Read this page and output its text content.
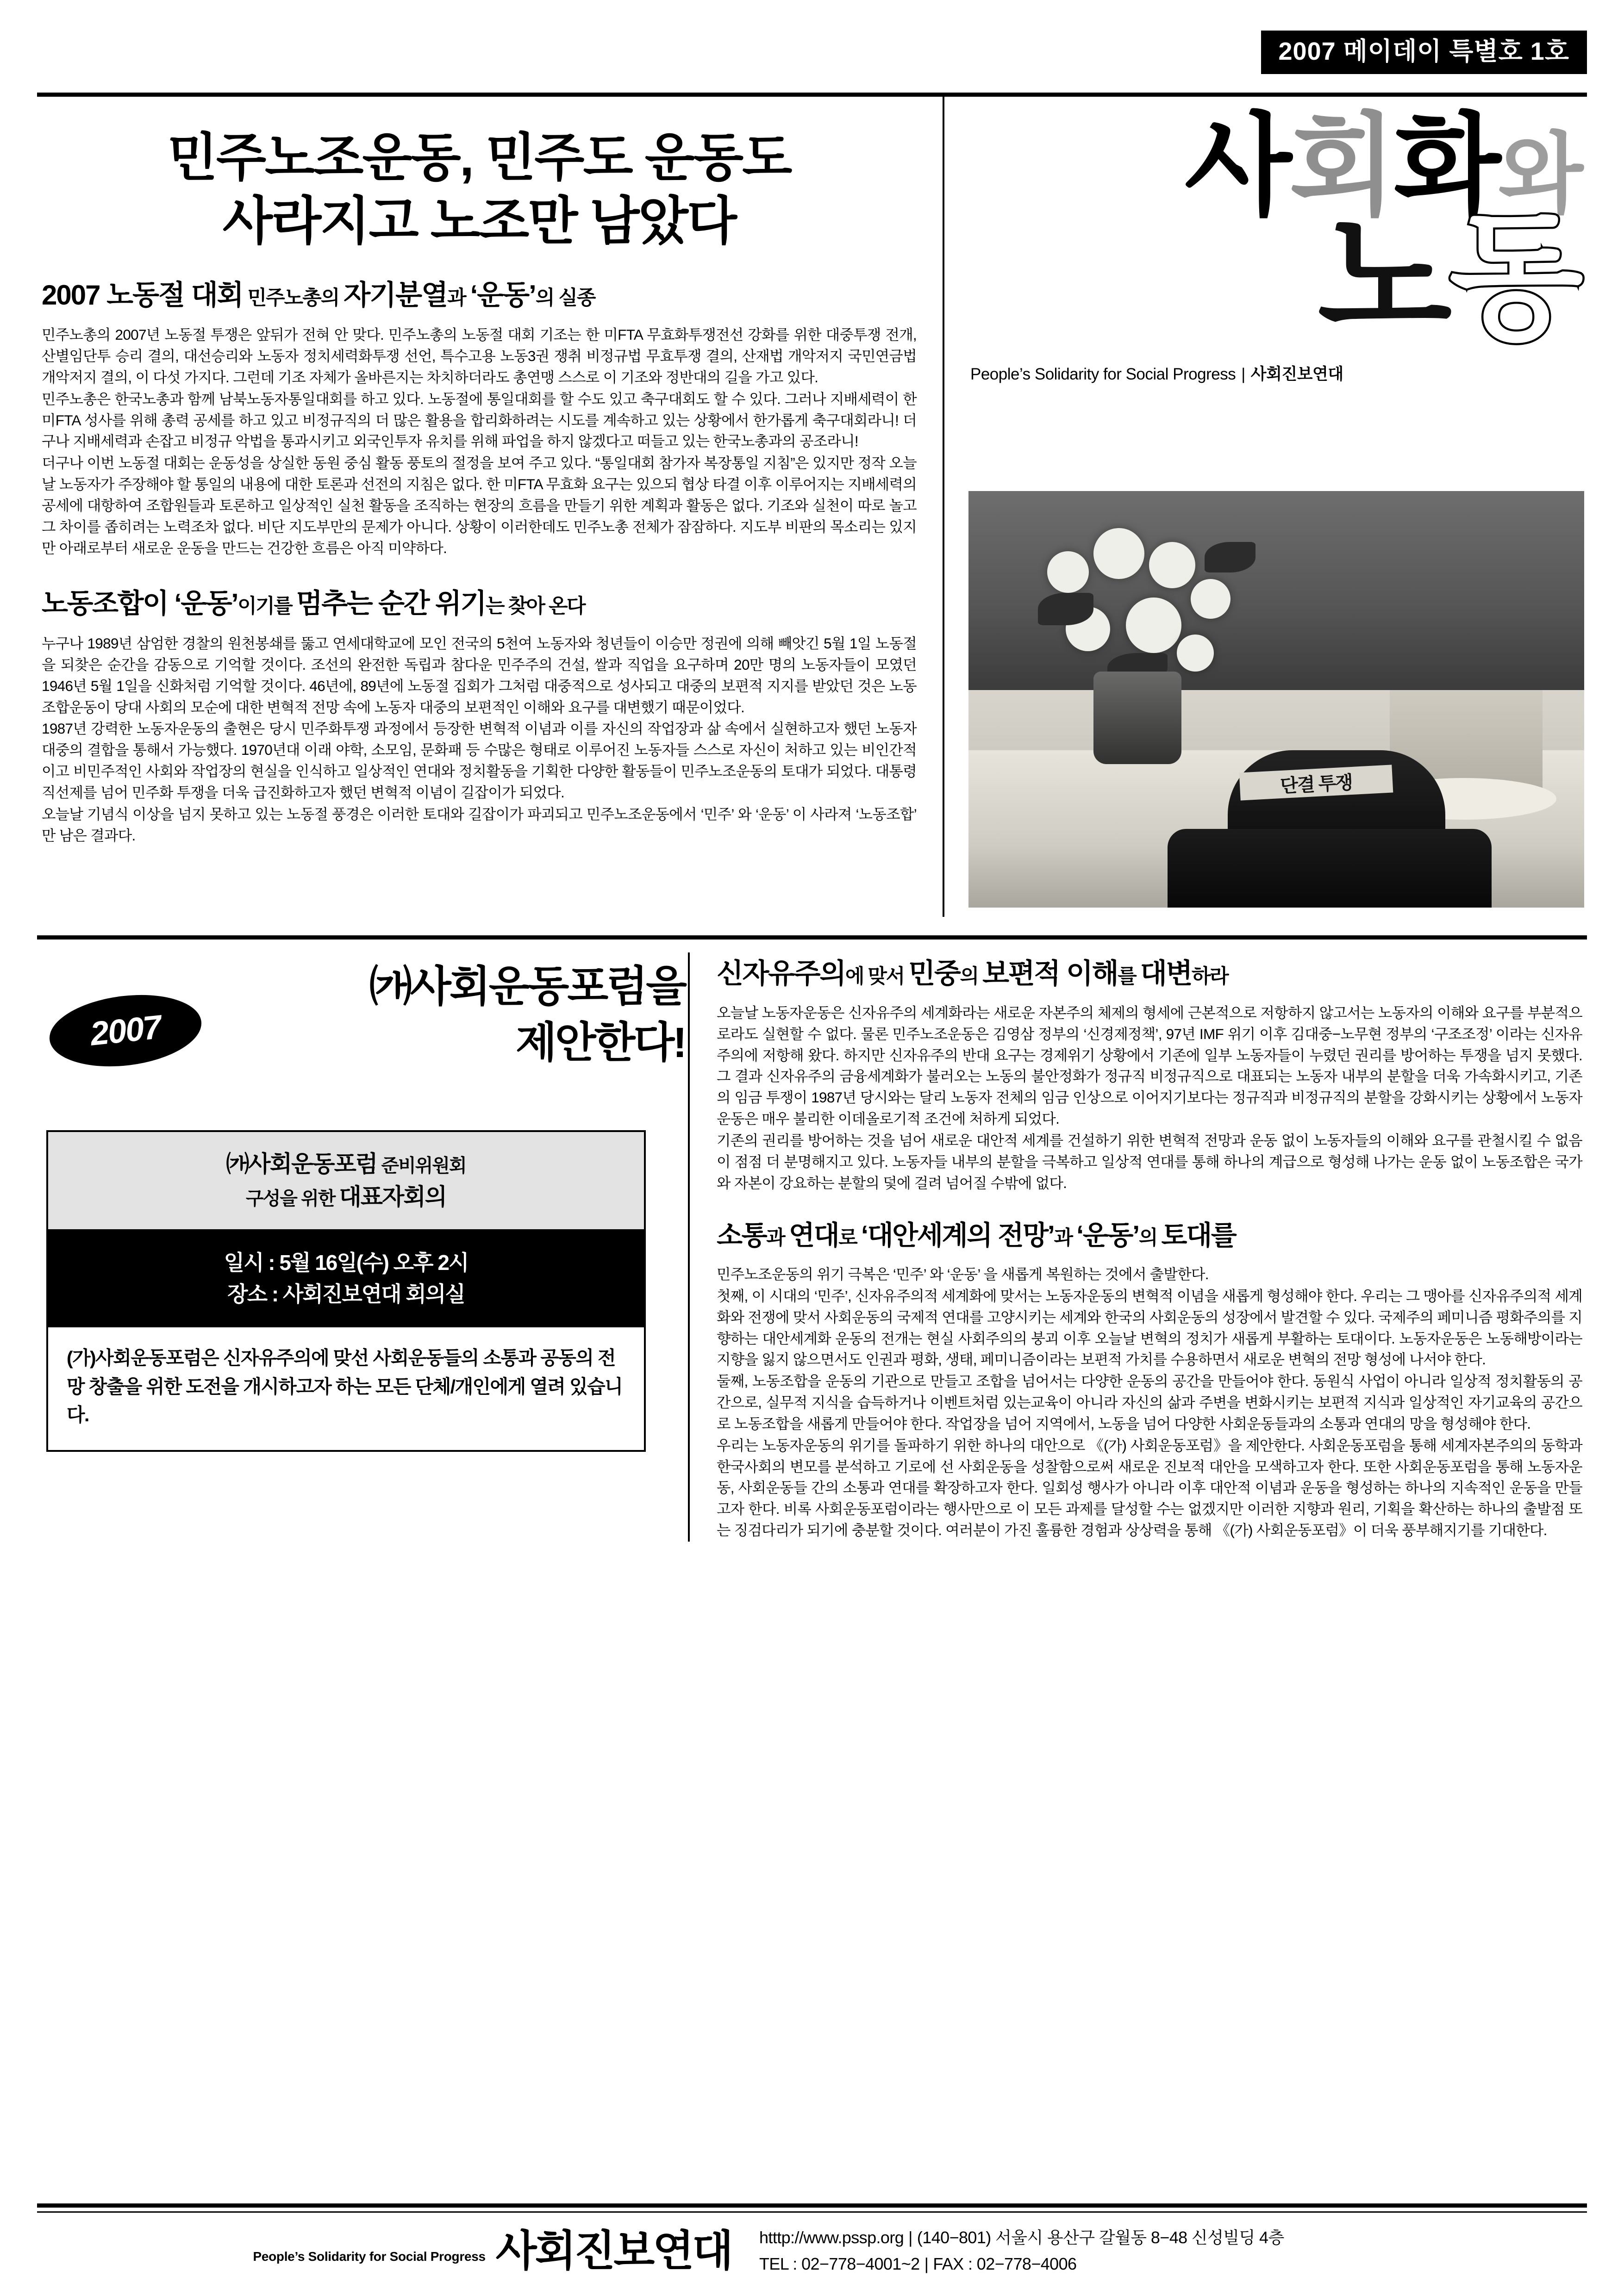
2007 메이데이 특별호 1호
민주노조운동, 민주도 운동도
사라지고 노조만 남았다
2007 노동절 대회 민주노총의 자기분열과 ‘운동’의 실종

민주노총의 2007년 노동절 투쟁은 앞뒤가 전혀 안 맞다. 민주노총의 노동절 대회 기조는 한 미FTA 무효화투쟁전선 강화를 위한 대중투쟁 전개, 산별임단투 승리 결의, 대선승리와 노동자 정치세력화투쟁 선언, 특수고용 노동3권 쟁취 비정규법 무효투쟁 결의, 산재법 개악저지 국민연금법 개악저지 결의, 이 다섯 가지다. 그런데 기조 자체가 올바른지는 차치하더라도 총연맹 스스로 이 기조와 정반대의 길을 가고 있다.

민주노총은 한국노총과 함께 남북노동자통일대회를 하고 있다. 노동절에 통일대회를 할 수도 있고 축구대회도 할 수 있다. 그러나 지배세력이 한 미FTA 성사를 위해 총력 공세를 하고 있고 비정규직의 더 많은 활용을 합리화하려는 시도를 계속하고 있는 상황에서 한가롭게 축구대회라니! 더구나 지배세력과 손잡고 비정규 악법을 통과시키고 외국인투자 유치를 위해 파업을 하지 않겠다고 떠들고 있는 한국노총과의 공조라니!

더구나 이번 노동절 대회는 운동성을 상실한 동원 중심 활동 풍토의 절정을 보여 주고 있다. “통일대회 참가자 복장통일 지침”은 있지만 정작 오늘날 노동자가 주장해야 할 통일의 내용에 대한 토론과 선전의 지침은 없다. 한 미FTA 무효화 요구는 있으되 협상 타결 이후 이루어지는 지배세력의 공세에 대항하여 조합원들과 토론하고 일상적인 실천 활동을 조직하는 현장의 흐름을 만들기 위한 계획과 활동은 없다. 기조와 실천이 따로 놀고 그 차이를 좁히려는 노력조차 없다. 비단 지도부만의 문제가 아니다. 상황이 이러한데도 민주노총 전체가 잠잠하다. 지도부 비판의 목소리는 있지만 아래로부터 새로운 운동을 만드는 건강한 흐름은 아직 미약하다.

노동조합이 ‘운동’이기를 멈추는 순간 위기는 찾아 온다

누구나 1989년 삼엄한 경찰의 원천봉쇄를 뚫고 연세대학교에 모인 전국의 5천여 노동자와 청년들이 이승만 정권에 의해 빼앗긴 5월 1일 노동절을 되찾은 순간을 감동으로 기억할 것이다. 조선의 완전한 독립과 참다운 민주주의 건설, 쌀과 직업을 요구하며 20만 명의 노동자들이 모였던 1946년 5월 1일을 신화처럼 기억할 것이다. 46년에, 89년에 노동절 집회가 그처럼 대중적으로 성사되고 대중의 보편적 지지를 받았던 것은 노동조합운동이 당대 사회의 모순에 대한 변혁적 전망 속에 노동자 대중의 보편적인 이해와 요구를 대변했기 때문이었다.

1987년 강력한 노동자운동의 출현은 당시 민주화투쟁 과정에서 등장한 변혁적 이념과 이를 자신의 작업장과 삶 속에서 실현하고자 했던 노동자대중의 결합을 통해서 가능했다. 1970년대 이래 야학, 소모임, 문화패 등 수많은 형태로 이루어진 노동자들 스스로 자신이 처하고 있는 비인간적이고 비민주적인 사회와 작업장의 현실을 인식하고 일상적인 연대와 정치활동을 기획한 다양한 활동들이 민주노조운동의 토대가 되었다. 대통령 직선제를 넘어 민주화 투쟁을 더욱 급진화하고자 했던 변혁적 이념이 길잡이가 되었다.

오늘날 기념식 이상을 넘지 못하고 있는 노동절 풍경은 이러한 토대와 길잡이가 파괴되고 민주노조운동에서 ‘민주’ 와 ‘운동’ 이 사라져 ‘노동조합’ 만 남은 결과다.

사회화와
노동
People’s Solidarity for Social Progress | 사회진보연대
단결 투쟁
2007
㈎사회운동포럼을
제안한다!
㈎사회운동포럼 준비위원회
구성을 위한 대표자회의
일시 : 5월 16일(수) 오후 2시
장소 : 사회진보연대 회의실
(가)사회운동포럼은 신자유주의에 맞선 사회운동들의 소통과 공동의 전망 창출을 위한 도전을 개시하고자 하는 모든 단체/개인에게 열려 있습니다.
신자유주의에 맞서 민중의 보편적 이해를 대변하라

오늘날 노동자운동은 신자유주의 세계화라는 새로운 자본주의 체제의 형세에 근본적으로 저항하지 않고서는 노동자의 이해와 요구를 부분적으로라도 실현할 수 없다. 물론 민주노조운동은 김영삼 정부의 ‘신경제정책’, 97년 IMF 위기 이후 김대중−노무현 정부의 ‘구조조정’ 이라는 신자유주의에 저항해 왔다. 하지만 신자유주의 반대 요구는 경제위기 상황에서 기존에 일부 노동자들이 누렸던 권리를 방어하는 투쟁을 넘지 못했다. 그 결과 신자유주의 금융세계화가 불러오는 노동의 불안정화가 정규직 비정규직으로 대표되는 노동자 내부의 분할을 더욱 가속화시키고, 기존의 임금 투쟁이 1987년 당시와는 달리 노동자 전체의 임금 인상으로 이어지기보다는 정규직과 비정규직의 분할을 강화시키는 상황에서 노동자운동은 매우 불리한 이데올로기적 조건에 처하게 되었다.

기존의 권리를 방어하는 것을 넘어 새로운 대안적 세계를 건설하기 위한 변혁적 전망과 운동 없이 노동자들의 이해와 요구를 관철시킬 수 없음이 점점 더 분명해지고 있다. 노동자들 내부의 분할을 극복하고 일상적 연대를 통해 하나의 계급으로 형성해 나가는 운동 없이 노동조합은 국가와 자본이 강요하는 분할의 덫에 걸려 넘어질 수밖에 없다.

소통과 연대로 ‘대안세계의 전망’과 ‘운동’의 토대를

민주노조운동의 위기 극복은 ‘민주’ 와 ‘운동’ 을 새롭게 복원하는 것에서 출발한다.

첫째, 이 시대의 ‘민주’, 신자유주의적 세계화에 맞서는 노동자운동의 변혁적 이념을 새롭게 형성해야 한다. 우리는 그 맹아를 신자유주의적 세계화와 전쟁에 맞서 사회운동의 국제적 연대를 고양시키는 세계와 한국의 사회운동의 성장에서 발견할 수 있다. 국제주의 페미니즘 평화주의를 지향하는 대안세계화 운동의 전개는 현실 사회주의의 붕괴 이후 오늘날 변혁의 정치가 새롭게 부활하는 토대이다. 노동자운동은 노동해방이라는 지향을 잃지 않으면서도 인권과 평화, 생태, 페미니즘이라는 보편적 가치를 수용하면서 새로운 변혁의 전망 형성에 나서야 한다.

둘째, 노동조합을 운동의 기관으로 만들고 조합을 넘어서는 다양한 운동의 공간을 만들어야 한다. 동원식 사업이 아니라 일상적 정치활동의 공간으로, 실무적 지식을 습득하거나 이벤트처럼 있는교육이 아니라 자신의 삶과 주변을 변화시키는 보편적 지식과 일상적인 자기교육의 공간으로 노동조합을 새롭게 만들어야 한다. 작업장을 넘어 지역에서, 노동을 넘어 다양한 사회운동들과의 소통과 연대의 망을 형성해야 한다.

우리는 노동자운동의 위기를 돌파하기 위한 하나의 대안으로 《(가) 사회운동포럼》을 제안한다. 사회운동포럼을 통해 세계자본주의의 동학과 한국사회의 변모를 분석하고 기로에 선 사회운동을 성찰함으로써 새로운 진보적 대안을 모색하고자 한다. 또한 사회운동포럼을 통해 노동자운동, 사회운동들 간의 소통과 연대를 확장하고자 한다. 일회성 행사가 아니라 이후 대안적 이념과 운동을 형성하는 하나의 지속적인 운동을 만들고자 한다. 비록 사회운동포럼이라는 행사만으로 이 모든 과제를 달성할 수는 없겠지만 이러한 지향과 원리, 기획을 확산하는 하나의 출발점 또는 징검다리가 되기에 충분할 것이다. 여러분이 가진 훌륭한 경험과 상상력을 통해 《(가) 사회운동포럼》이 더욱 풍부해지기를 기대한다.

People’s Solidarity for Social Progress 사회진보연대 htttp://www.pssp.org | (140−801) 서울시 용산구 갈월동 8−48 신성빌딩 4층
TEL : 02−778−4001~2 | FAX : 02−778−4006
